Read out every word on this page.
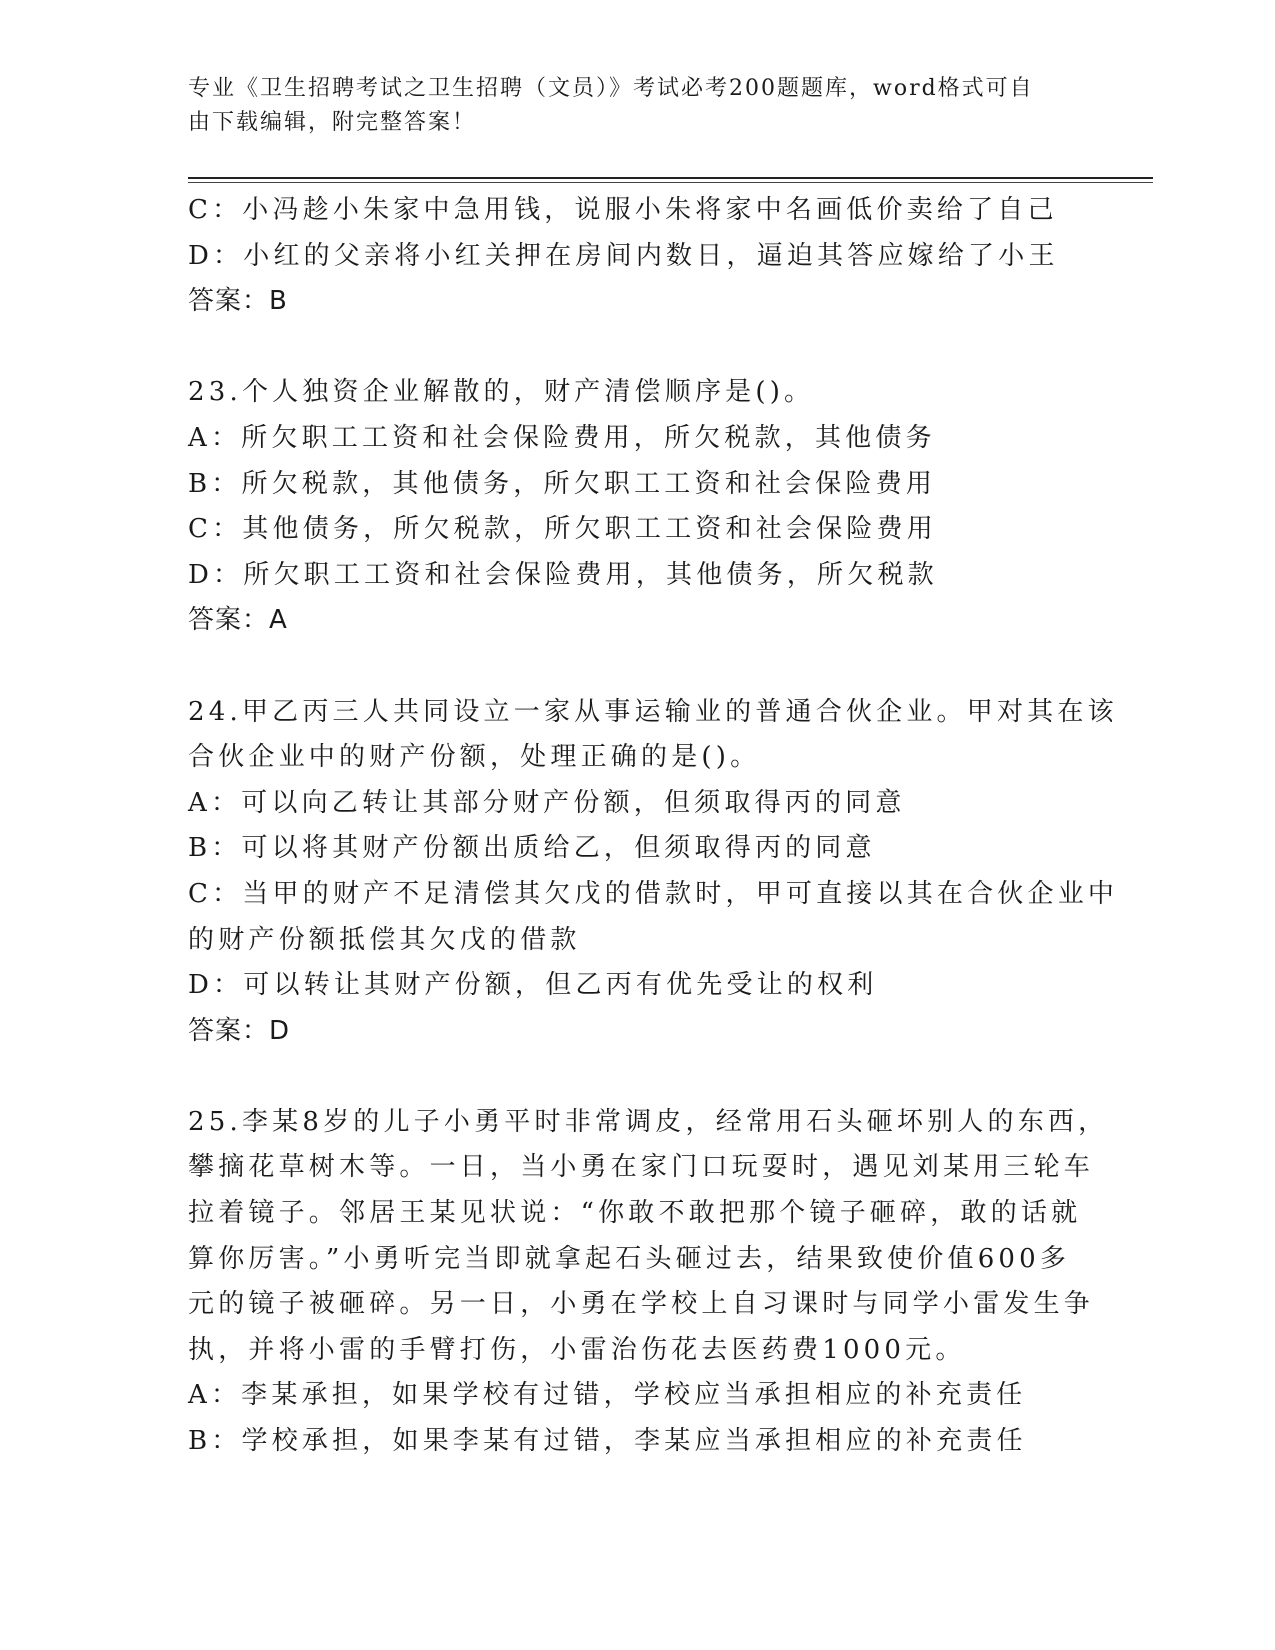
专业《卫生招聘考试之卫生招聘（文员）》考试必考200题题库，word格式可自
由下载编辑，附完整答案！
C：小冯趁小朱家中急用钱，说服小朱将家中名画低价卖给了自己
D：小红的父亲将小红关押在房间内数日，逼迫其答应嫁给了小王
答案：B
23.个人独资企业解散的，财产清偿顺序是()。
A：所欠职工工资和社会保险费用，所欠税款，其他债务
B：所欠税款，其他债务，所欠职工工资和社会保险费用
C：其他债务，所欠税款，所欠职工工资和社会保险费用
D：所欠职工工资和社会保险费用，其他债务，所欠税款
答案：A
24.甲乙丙三人共同设立一家从事运输业的普通合伙企业。甲对其在该
合伙企业中的财产份额，处理正确的是()。
A：可以向乙转让其部分财产份额，但须取得丙的同意
B：可以将其财产份额出质给乙，但须取得丙的同意
C：当甲的财产不足清偿其欠戊的借款时，甲可直接以其在合伙企业中
的财产份额抵偿其欠戊的借款
D：可以转让其财产份额，但乙丙有优先受让的权利
答案：D
25.李某8岁的儿子小勇平时非常调皮，经常用石头砸坏别人的东西，
攀摘花草树木等。一日，当小勇在家门口玩耍时，遇见刘某用三轮车
拉着镜子。邻居王某见状说：“你敢不敢把那个镜子砸碎，敢的话就
算你厉害。”小勇听完当即就拿起石头砸过去，结果致使价值600多
元的镜子被砸碎。另一日，小勇在学校上自习课时与同学小雷发生争
执，并将小雷的手臂打伤，小雷治伤花去医药费1000元。
A：李某承担，如果学校有过错，学校应当承担相应的补充责任
B：学校承担，如果李某有过错，李某应当承担相应的补充责任
